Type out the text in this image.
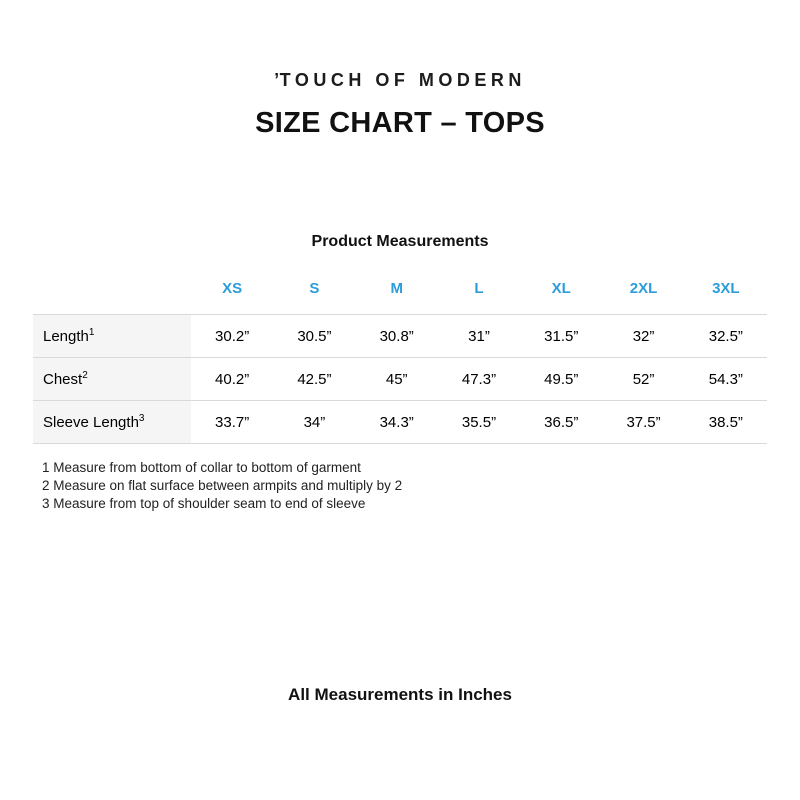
’TOUCH OF MODERN
SIZE CHART – TOPS
Product Measurements
	XS	S	M	L	XL	2XL	3XL
Length$^1$	30.2”	30.5”	30.8”	31”	31.5”	32”	32.5”
Chest$^2$	40.2”	42.5”	45”	47.3”	49.5”	52”	54.3”
Sleeve Length$^3$	33.7”	34”	34.3”	35.5”	36.5”	37.5”	38.5”
1 Measure from bottom of collar to bottom of garment
2 Measure on flat surface between armpits and multiply by 2
3 Measure from top of shoulder seam to end of sleeve
All Measurements in Inches
